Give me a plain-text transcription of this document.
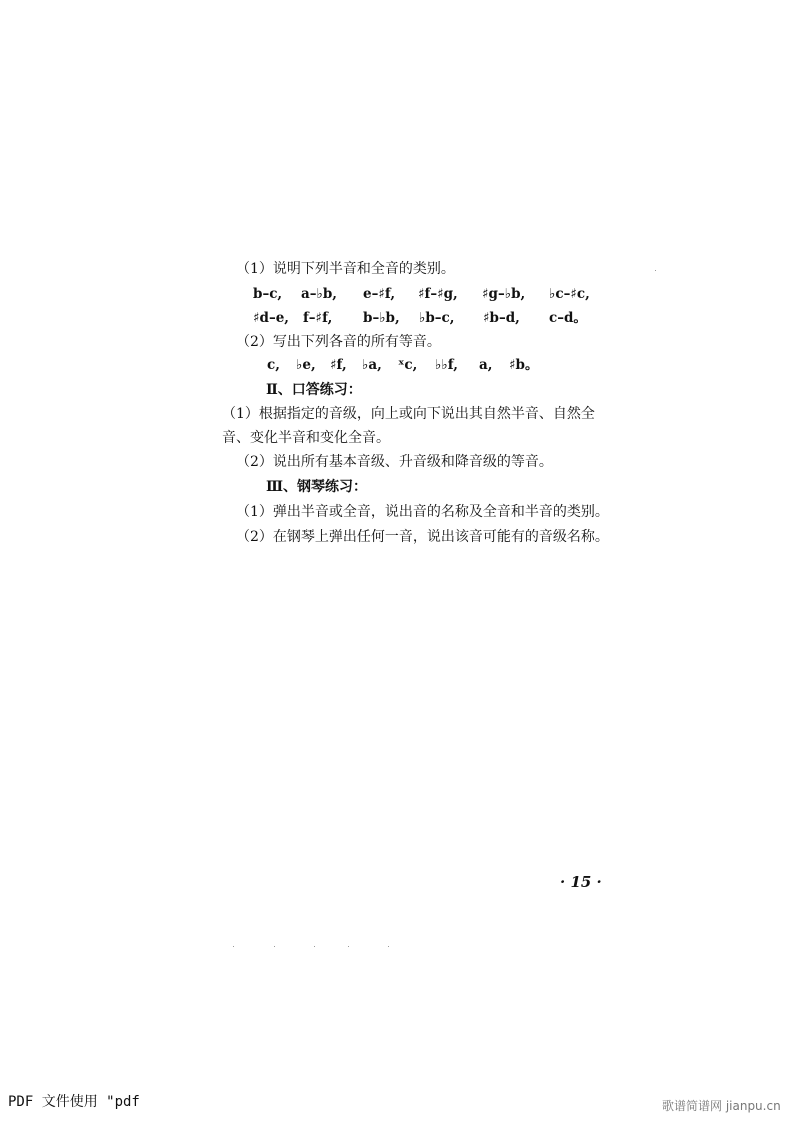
（1）说明下列半音和全音的类别。
b–c, a–♭b, e–♯f, ♯f–♯g, ♯g–♭b, ♭c–♯c,
♯d–e, f–♯f, b–♭b, ♭b–c, ♯b–d, c–d。
（2）写出下列各音的所有等音。
c, ♭e, ♯f, ♭a, ˣc, ♭♭f, a, ♯b。
Ⅱ、口答练习：
（1）根据指定的音级，向上或向下说出其自然半音、自然全
音、变化半音和变化全音。
（2）说出所有基本音级、升音级和降音级的等音。
Ⅲ、钢琴练习：
（1）弹出半音或全音，说出音的名称及全音和半音的类别。
（2）在钢琴上弹出任何一音，说出该音可能有的音级名称。
· 15 ·
PDF 文件使用 "pdf	歌谱简谱网 jianpu.cn
